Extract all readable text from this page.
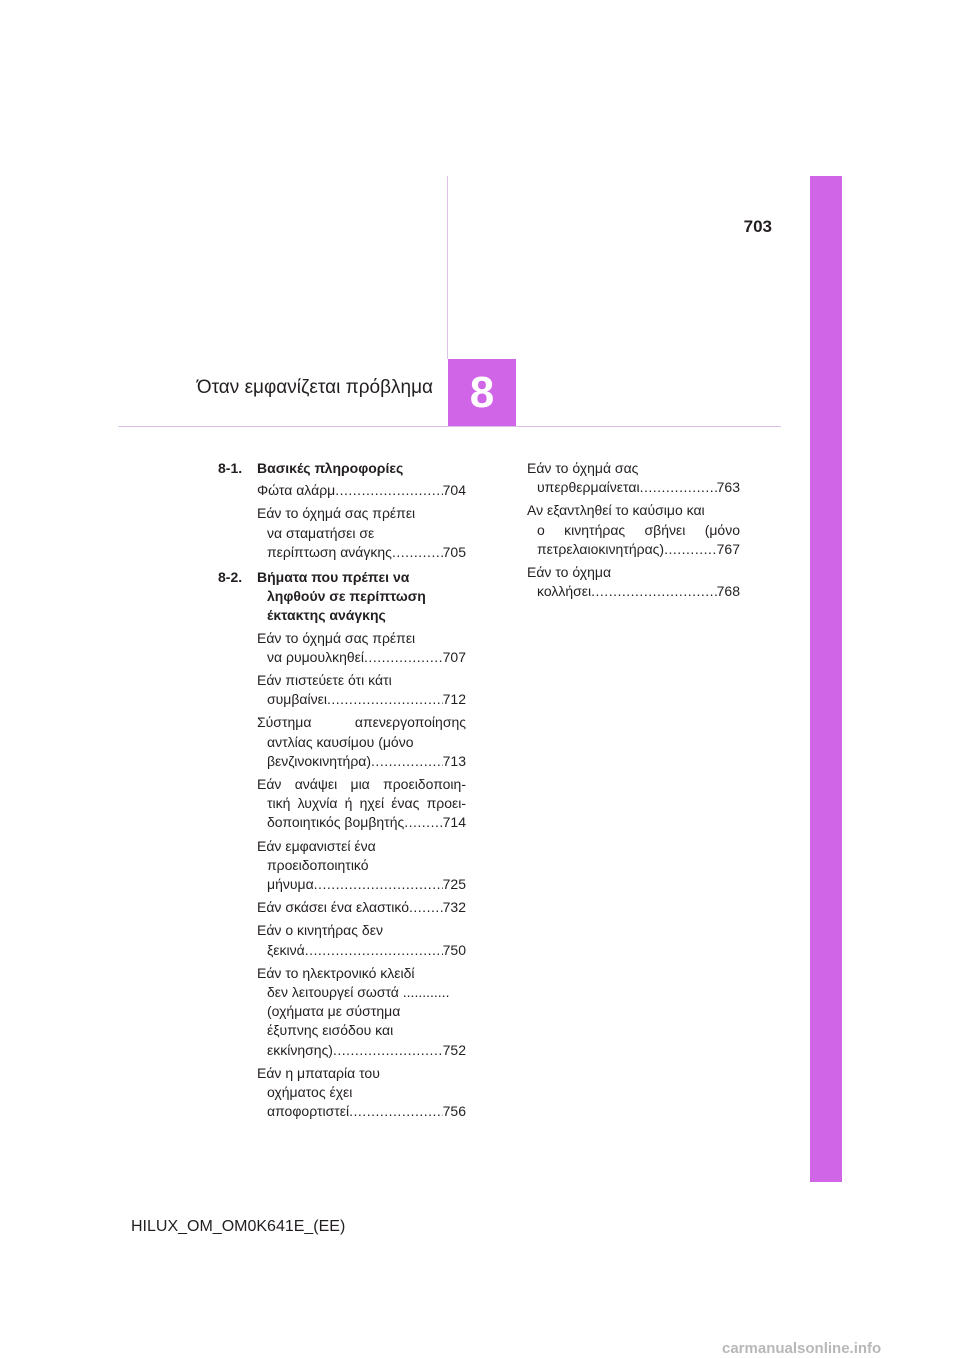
703
Όταν εμφανίζεται πρόβλημα 8
8-1. Βασικές πληροφορίες
Φώτα αλάρμ .....	704
Εάν το όχημά σας πρέπει
να σταματήσει σε
περίπτωση ανάγκης .....	705
8-2. Βήματα που πρέπει να
ληφθούν σε περίπτωση
έκτακτης ανάγκης
Εάν το όχημά σας πρέπει
να ρυμουλκηθεί .....	707
Εάν πιστεύετε ότι κάτι
συμβαίνει .....	712
Σύστημα απενεργοποίησης
αντλίας καυσίμου (μόνο
βενζινοκινητήρα) .....	713
Εάν ανάψει μια προειδοποιη-
τική λυχνία ή ηχεί ένας προει-
δοποιητικός βομβητής .....	714
Εάν εμφανιστεί ένα
προειδοποιητικό
μήνυμα .....	725
Εάν σκάσει ένα ελαστικό ..... 732
Εάν ο κινητήρας δεν
ξεκινά .....	750
Εάν το ηλεκτρονικό κλειδί
δεν λειτουργεί σωστά ............
(οχήματα με σύστημα
έξυπνης εισόδου και
εκκίνησης) .....	752
Εάν η μπαταρία του
οχήματος έχει
αποφορτιστεί .....	756
Εάν το όχημά σας
υπερθερμαίνεται .....	763
Αν εξαντληθεί το καύσιμο και
ο κινητήρας σβήνει (μόνο
πετρελαιοκινητήρας) .....	767
Εάν το όχημα
κολλήσει .....	768
HILUX_OM_OM0K641E_(EE)
carmanualsonline.info
